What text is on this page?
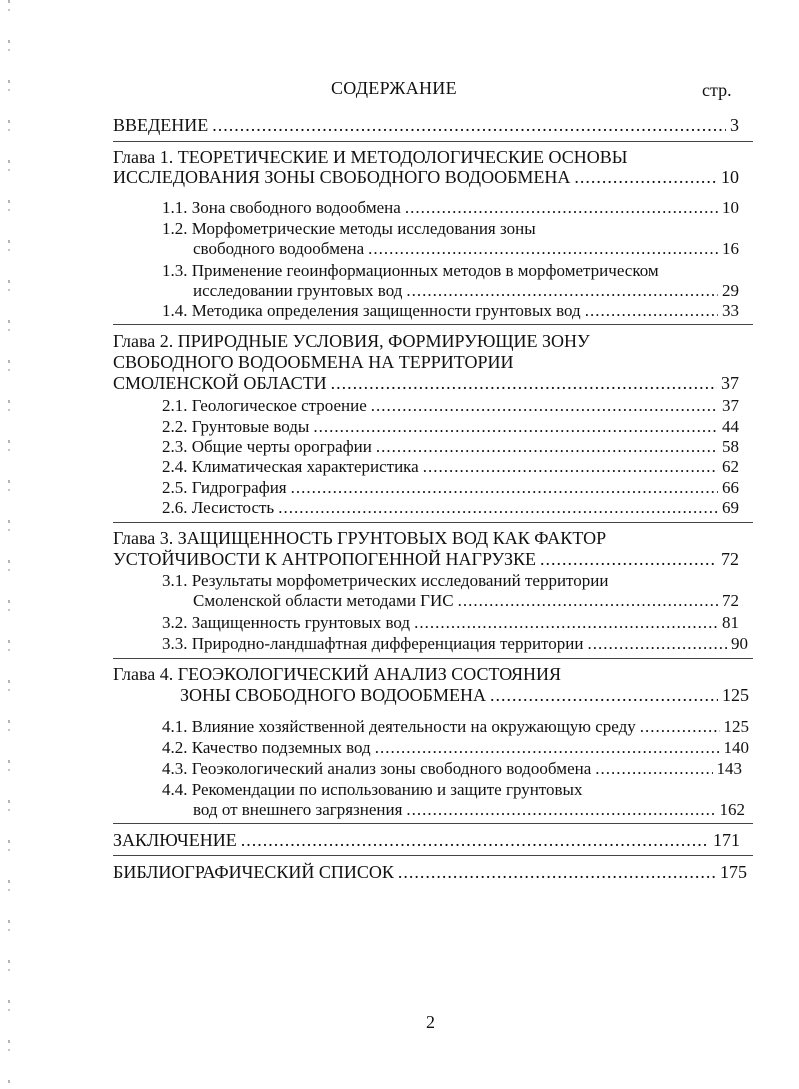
СОДЕРЖАНИЕ	стр.
ВВЕДЕНИЕ .....	3
Глава 1. ТЕОРЕТИЧЕСКИЕ И МЕТОДОЛОГИЧЕСКИЕ ОСНОВЫ
ИССЛЕДОВАНИЯ ЗОНЫ СВОБОДНОГО ВОДООБМЕНА .....	10
1.1. Зона свободного водообмена .....	10
1.2. Морфометрические методы исследования зоны
свободного водообмена .....	16
1.3. Применение геоинформационных методов в морфометрическом
исследовании грунтовых вод .....	29
1.4. Методика определения защищенности грунтовых вод .....	33
Глава 2. ПРИРОДНЫЕ УСЛОВИЯ, ФОРМИРУЮЩИЕ ЗОНУ
СВОБОДНОГО ВОДООБМЕНА НА ТЕРРИТОРИИ
СМОЛЕНСКОЙ ОБЛАСТИ .....	37
2.1. Геологическое строение .....	37
2.2. Грунтовые воды .....	44
2.3. Общие черты орографии .....	58
2.4. Климатическая характеристика .....	62
2.5. Гидрография .....	66
2.6. Лесистость .....	69
Глава 3. ЗАЩИЩЕННОСТЬ ГРУНТОВЫХ ВОД КАК ФАКТОР
УСТОЙЧИВОСТИ К АНТРОПОГЕННОЙ НАГРУЗКЕ .....	72
3.1. Результаты морфометрических исследований территории
Смоленской области методами ГИС .....	72
3.2. Защищенность грунтовых вод .....	81
3.3. Природно-ландшафтная дифференциация территории .....	90
Глава 4. ГЕОЭКОЛОГИЧЕСКИЙ АНАЛИЗ СОСТОЯНИЯ
ЗОНЫ СВОБОДНОГО ВОДООБМЕНА .....	125
4.1. Влияние хозяйственной деятельности на окружающую среду .....	125
4.2. Качество подземных вод .....	140
4.3. Геоэкологический анализ зоны свободного водообмена .....	143
4.4. Рекомендации по использованию и защите грунтовых
вод от внешнего загрязнения .....	162
ЗАКЛЮЧЕНИЕ .....	171
БИБЛИОГРАФИЧЕСКИЙ СПИСОК .....	175
2
